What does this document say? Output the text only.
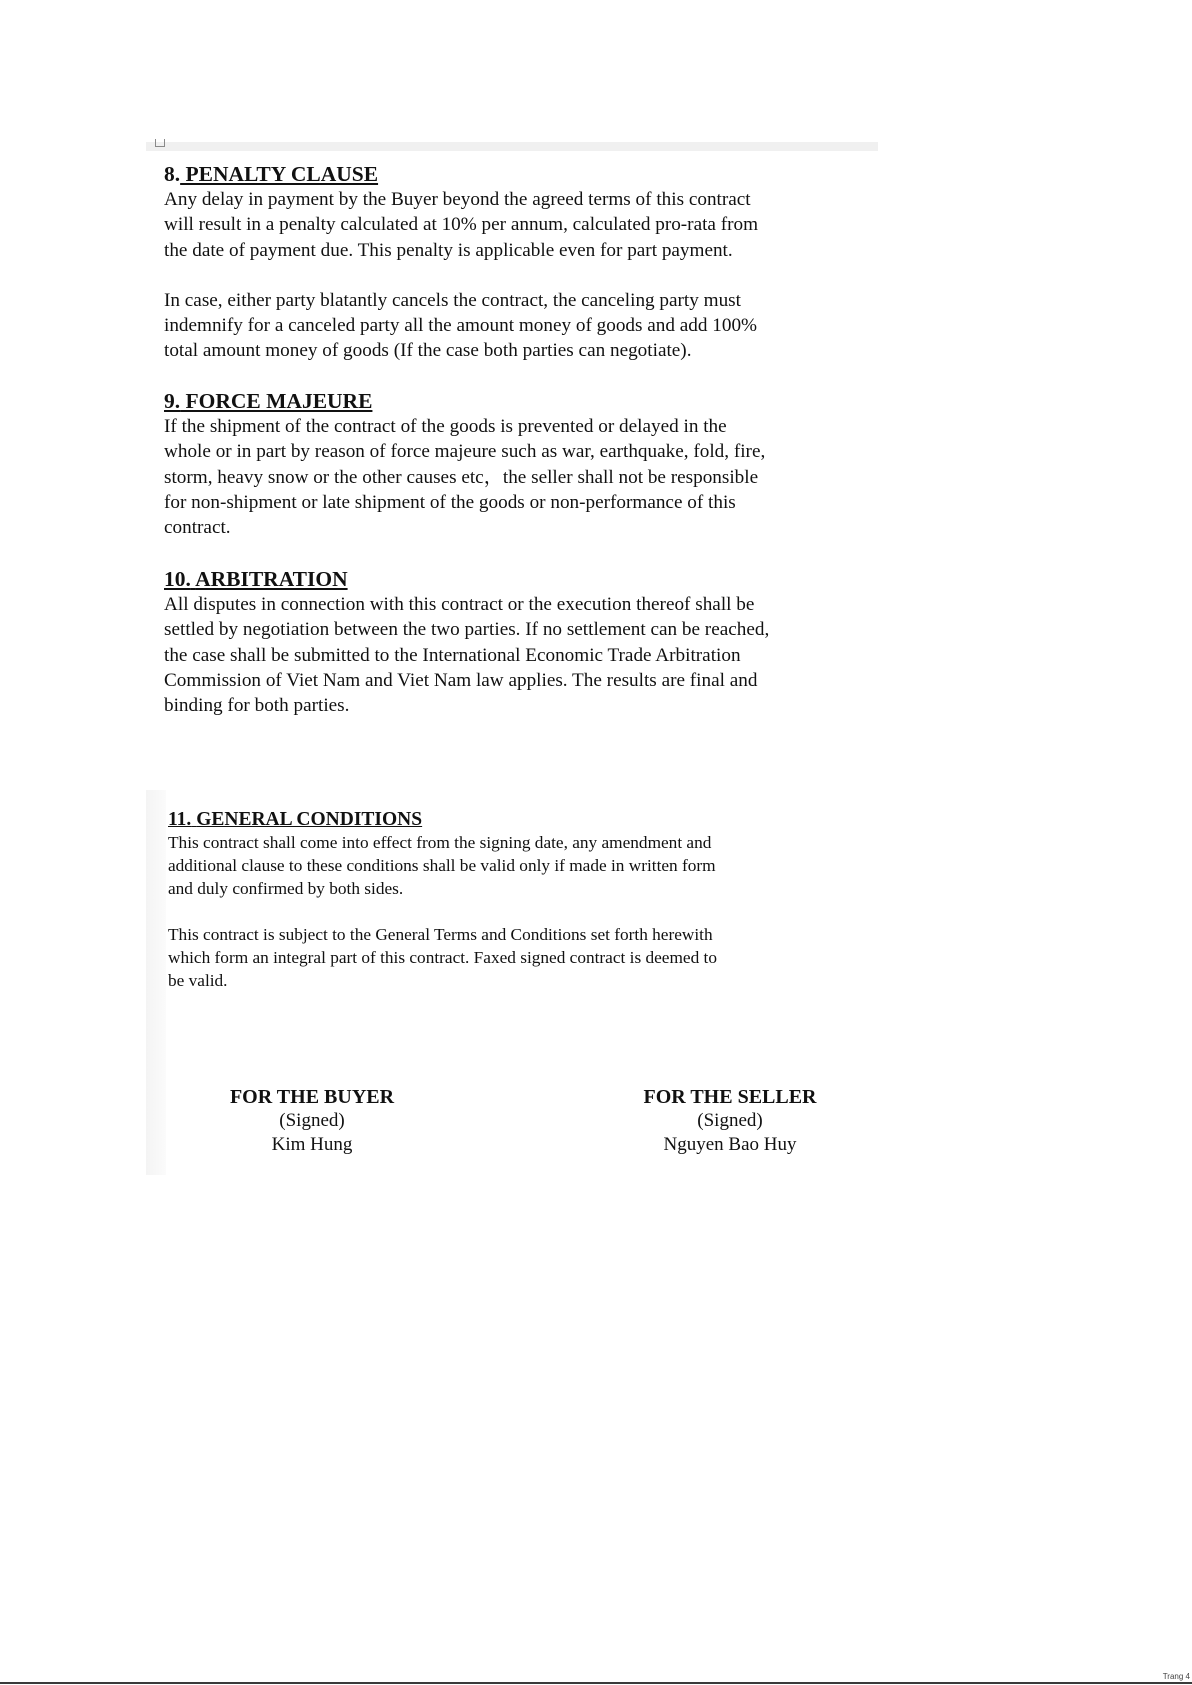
8. PENALTY CLAUSE

Any delay in payment by the Buyer beyond the agreed terms of this contract
will result in a penalty calculated at 10% per annum, calculated pro-rata from
the date of payment due. This penalty is applicable even for part payment.

In case, either party blatantly cancels the contract, the canceling party must
indemnify for a canceled party all the amount money of goods and add 100%
total amount money of goods (If the case both parties can negotiate).

9. FORCE MAJEURE

If the shipment of the contract of the goods is prevented or delayed in the
whole or in part by reason of force majeure such as war, earthquake, fold, fire,
storm, heavy snow or the other causes etc，the seller shall not be responsible
for non-shipment or late shipment of the goods or non-performance of this
contract.

10. ARBITRATION

All disputes in connection with this contract or the execution thereof shall be
settled by negotiation between the two parties. If no settlement can be reached,
the case shall be submitted to the International Economic Trade Arbitration
Commission of Viet Nam and Viet Nam law applies. The results are final and
binding for both parties.

11. GENERAL CONDITIONS

This contract shall come into effect from the signing date, any amendment and
additional clause to these conditions shall be valid only if made in written form
and duly confirmed by both sides.

This contract is subject to the General Terms and Conditions set forth herewith
which form an integral part of this contract. Faxed signed contract is deemed to
be valid.

FOR THE BUYER
(Signed)
Kim Hung
FOR THE SELLER
(Signed)
Nguyen Bao Huy
Trang 4
